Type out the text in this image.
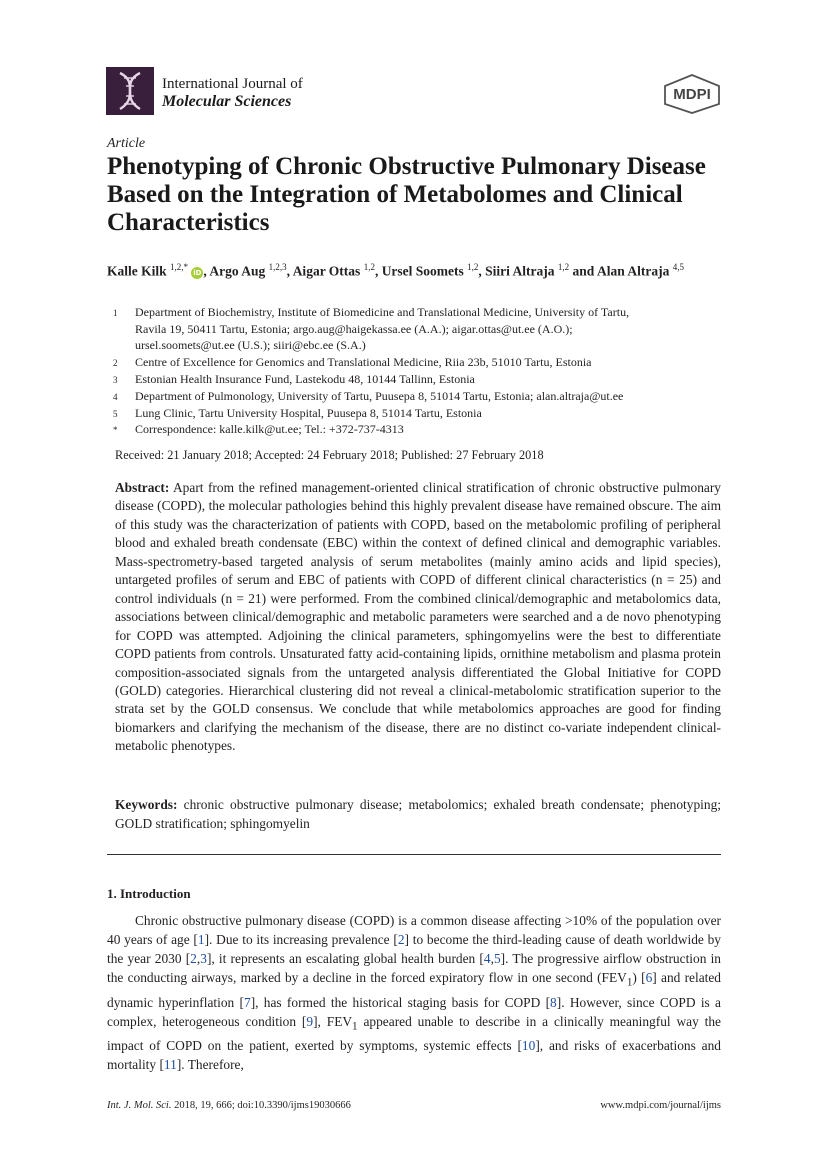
International Journal of
Molecular Sciences	MDPI
Article
Phenotyping of Chronic Obstructive Pulmonary Disease Based on the Integration of Metabolomes and Clinical Characteristics
Kalle Kilk $^{1,2,*}$ iD , Argo Aug $^{1,2,3}$, Aigar Ottas $^{1,2}$, Ursel Soomets $^{1,2}$, Siiri Altraja $^{1,2}$ and Alan Altraja $^{4,5}$
1 Department of Biochemistry, Institute of Biomedicine and Translational Medicine, University of Tartu,
Ravila 19, 50411 Tartu, Estonia; argo.aug@haigekassa.ee (A.A.); aigar.ottas@ut.ee (A.O.);
ursel.soomets@ut.ee (U.S.); siiri@ebc.ee (S.A.)
2 Centre of Excellence for Genomics and Translational Medicine, Riia 23b, 51010 Tartu, Estonia
3 Estonian Health Insurance Fund, Lastekodu 48, 10144 Tallinn, Estonia
4 Department of Pulmonology, University of Tartu, Puusepa 8, 51014 Tartu, Estonia; alan.altraja@ut.ee
5 Lung Clinic, Tartu University Hospital, Puusepa 8, 51014 Tartu, Estonia
* Correspondence: kalle.kilk@ut.ee; Tel.: +372-737-4313
Received: 21 January 2018; Accepted: 24 February 2018; Published: 27 February 2018

Abstract: Apart from the refined management-oriented clinical stratification of chronic obstructive pulmonary disease (COPD), the molecular pathologies behind this highly prevalent disease have remained obscure. The aim of this study was the characterization of patients with COPD, based on the metabolomic profiling of peripheral blood and exhaled breath condensate (EBC) within the context of defined clinical and demographic variables. Mass-spectrometry-based targeted analysis of serum metabolites (mainly amino acids and lipid species), untargeted profiles of serum and EBC of patients with COPD of different clinical characteristics (n = 25) and control individuals (n = 21) were performed. From the combined clinical/demographic and metabolomics data, associations between clinical/demographic and metabolic parameters were searched and a de novo phenotyping for COPD was attempted. Adjoining the clinical parameters, sphingomyelins were the best to differentiate COPD patients from controls. Unsaturated fatty acid-containing lipids, ornithine metabolism and plasma protein composition-associated signals from the untargeted analysis differentiated the Global Initiative for COPD (GOLD) categories. Hierarchical clustering did not reveal a clinical-metabolomic stratification superior to the strata set by the GOLD consensus. We conclude that while metabolomics approaches are good for finding biomarkers and clarifying the mechanism of the disease, there are no distinct co-variate independent clinical-metabolic phenotypes.

Keywords: chronic obstructive pulmonary disease; metabolomics; exhaled breath condensate; phenotyping; GOLD stratification; sphingomyelin

1. Introduction

Chronic obstructive pulmonary disease (COPD) is a common disease affecting >10% of the population over 40 years of age [1]. Due to its increasing prevalence [2] to become the third-leading cause of death worldwide by the year 2030 [2,3], it represents an escalating global health burden [4,5]. The progressive airflow obstruction in the conducting airways, marked by a decline in the forced expiratory flow in one second $(FEV_1)$ [6] and related dynamic hyperinflation [7], has formed the historical staging basis for COPD [8]. However, since COPD is a complex, heterogeneous condition [9], $FEV_1$ appeared unable to describe in a clinically meaningful way the impact of COPD on the patient, exerted by symptoms, systemic effects [10], and risks of exacerbations and mortality [11]. Therefore,

Int. J. Mol. Sci. 2018, 19, 666; doi:10.3390/ijms19030666	www.mdpi.com/journal/ijms
